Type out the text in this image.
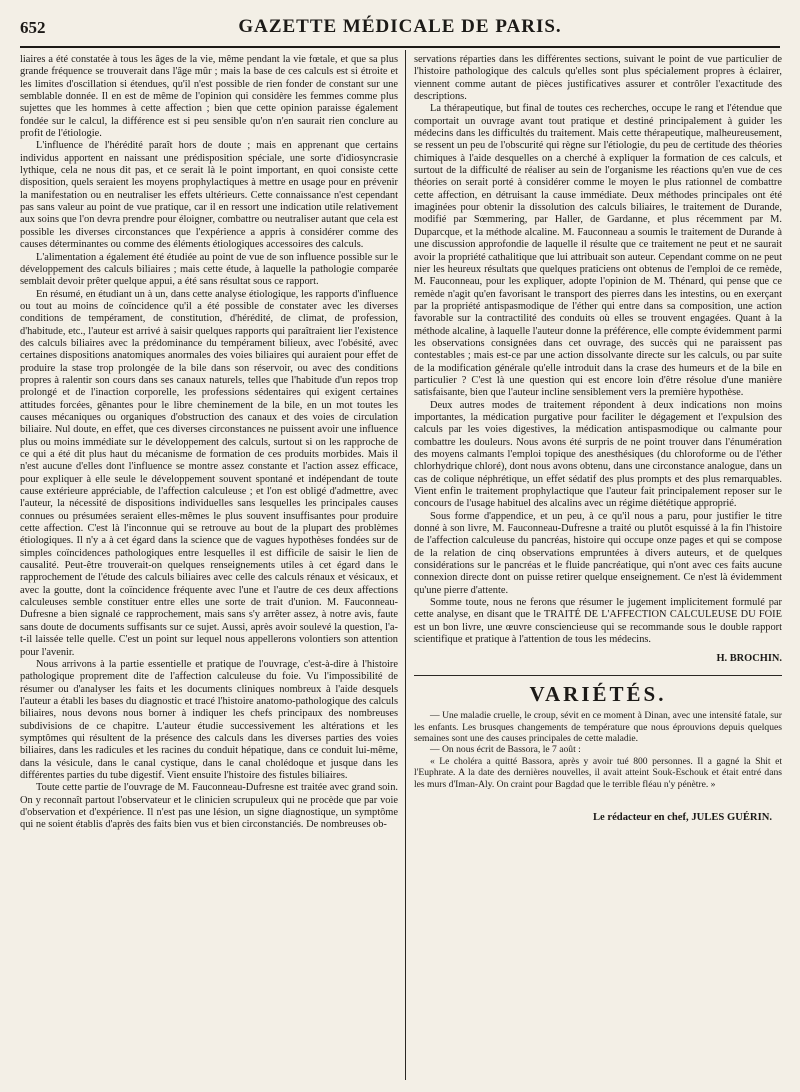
652	GAZETTE MÉDICALE DE PARIS.

liaires a été constatée à tous les âges de la vie, même pendant la vie fœtale, et que sa plus grande fréquence se trouverait dans l'âge mûr ; mais la base de ces calculs est si étroite et les limites d'oscillation si étendues, qu'il n'est possible de rien fonder de constant sur une semblable donnée. Il en est de même de l'opinion qui considère les femmes comme plus sujettes que les hommes à cette affection ; bien que cette opinion paraisse également fondée sur le calcul, la différence est si peu sensible qu'on n'en saurait rien conclure au profit de l'étiologie.

L'influence de l'hérédité paraît hors de doute ; mais en apprenant que certains individus apportent en naissant une prédisposition spéciale, une sorte d'idiosyncrasie lythique, cela ne nous dit pas, et ce serait là le point important, en quoi consiste cette disposition, quels seraient les moyens prophylactiques à mettre en usage pour en prévenir la manifestation ou en neutraliser les effets ultérieurs. Cette connaissance n'est cependant pas sans valeur au point de vue pratique, car il en ressort une indication utile relativement aux soins que l'on devra prendre pour éloigner, combattre ou neutraliser autant que cela est possible les diverses circonstances que l'expérience a appris à considérer comme des causes déterminantes ou comme des éléments étiologiques accessoires des calculs.

L'alimentation a également été étudiée au point de vue de son influence possible sur le développement des calculs biliaires ; mais cette étude, à laquelle la pathologie comparée semblait devoir prêter quelque appui, a été sans résultat sous ce rapport.

En résumé, en étudiant un à un, dans cette analyse étiologique, les rapports d'influence ou tout au moins de coïncidence qu'il a été possible de constater avec les diverses conditions de tempérament, de constitution, d'hérédité, de climat, de profession, d'habitude, etc., l'auteur est arrivé à saisir quelques rapports qui paraîtraient lier l'existence des calculs biliaires avec la prédominance du tempérament bilieux, avec l'obésité, avec certaines dispositions anatomiques anormales des voies biliaires qui auraient pour effet de produire la stase trop prolongée de la bile dans son réservoir, ou avec des conditions propres à ralentir son cours dans ses canaux naturels, telles que l'habitude d'un repos trop prolongé et de l'inaction corporelle, les professions sédentaires qui exigent certaines attitudes forcées, gênantes pour le libre cheminement de la bile, en un mot toutes les causes mécaniques ou organiques d'obstruction des canaux et des voies de circulation biliaire. Nul doute, en effet, que ces diverses circonstances ne puissent avoir une influence plus ou moins immédiate sur le développement des calculs, surtout si on les rapproche de ce qui a été dit plus haut du mécanisme de formation de ces produits morbides. Mais il n'est aucune d'elles dont l'influence se montre assez constante et l'action assez efficace, pour expliquer à elle seule le développement souvent spontané et indépendant de toute cause extérieure appréciable, de l'affection calculeuse ; et l'on est obligé d'admettre, avec l'auteur, la nécessité de dispositions individuelles sans lesquelles les principales causes connues ou présumées seraient elles-mêmes le plus souvent insuffisantes pour produire cette affection. C'est là l'inconnue qui se retrouve au bout de la plupart des problèmes étiologiques. Il n'y a à cet égard dans la science que de vagues hypothèses fondées sur de simples coïncidences pathologiques entre lesquelles il est difficile de saisir le lien de causalité. Peut-être trouverait-on quelques renseignements utiles à cet égard dans le rapprochement de l'étude des calculs biliaires avec celle des calculs rénaux et vésicaux, et avec la goutte, dont la coïncidence fréquente avec l'une et l'autre de ces deux affections calculeuses semble constituer entre elles une sorte de trait d'union. M. Fauconneau-Dufresne a bien signalé ce rapprochement, mais sans s'y arrêter assez, à notre avis, faute sans doute de documents suffisants sur ce sujet. Aussi, après avoir soulevé la question, l'a-t-il laissée telle quelle. C'est un point sur lequel nous appellerons volontiers son attention pour l'avenir.

Nous arrivons à la partie essentielle et pratique de l'ouvrage, c'est-à-dire à l'histoire pathologique proprement dite de l'affection calculeuse du foie. Vu l'impossibilité de résumer ou d'analyser les faits et les documents cliniques nombreux à l'aide desquels l'auteur a établi les bases du diagnostic et tracé l'histoire anatomo-pathologique des calculs biliaires, nous devons nous borner à indiquer les chefs principaux des nombreuses subdivisions de ce chapitre. L'auteur étudie successivement les altérations et les symptômes qui résultent de la présence des calculs dans les diverses parties des voies biliaires, dans les radicules et les racines du conduit hépatique, dans ce conduit lui-même, dans la vésicule, dans le canal cystique, dans le canal cholédoque et jusque dans les différentes parties du tube digestif. Vient ensuite l'histoire des fistules biliaires.

Toute cette partie de l'ouvrage de M. Fauconneau-Dufresne est traitée avec grand soin. On y reconnaît partout l'observateur et le clinicien scrupuleux qui ne procède que par voie d'observation et d'expérience. Il n'est pas une lésion, un signe diagnostique, un symptôme qui ne soient établis d'après des faits bien vus et bien circonstanciés. De nombreuses ob-

servations réparties dans les différentes sections, suivant le point de vue particulier de l'histoire pathologique des calculs qu'elles sont plus spécialement propres à éclairer, viennent comme autant de pièces justificatives assurer et contrôler l'exactitude des descriptions.

La thérapeutique, but final de toutes ces recherches, occupe le rang et l'étendue que comportait un ouvrage avant tout pratique et destiné principalement à guider les médecins dans les difficultés du traitement. Mais cette thérapeutique, malheureusement, se ressent un peu de l'obscurité qui règne sur l'étiologie, du peu de certitude des théories chimiques à l'aide desquelles on a cherché à expliquer la formation de ces calculs, et surtout de la difficulté de réaliser au sein de l'organisme les réactions qu'en vue de ces théories on serait porté à considérer comme le moyen le plus rationnel de combattre cette affection, en détruisant la cause immédiate. Deux méthodes principales ont été imaginées pour obtenir la dissolution des calculs biliaires, le traitement de Durande, modifié par Sœmmering, par Haller, de Gardanne, et plus récemment par M. Duparcque, et la méthode alcaline. M. Fauconneau a soumis le traitement de Durande à une discussion approfondie de laquelle il résulte que ce traitement ne peut et ne saurait avoir la propriété cathalitique que lui attribuait son auteur. Cependant comme on ne peut nier les heureux résultats que quelques praticiens ont obtenus de l'emploi de ce remède, M. Fauconneau, pour les expliquer, adopte l'opinion de M. Thénard, qui pense que ce remède n'agit qu'en favorisant le transport des pierres dans les intestins, ou en exerçant par la propriété antispasmodique de l'éther qui entre dans sa composition, une action favorable sur la contractilité des conduits où elles se trouvent engagées. Quant à la méthode alcaline, à laquelle l'auteur donne la préférence, elle compte évidemment parmi les observations consignées dans cet ouvrage, des succès qui ne paraissent pas contestables ; mais est-ce par une action dissolvante directe sur les calculs, ou par suite de la modification générale qu'elle introduit dans la crase des humeurs et de la bile en particulier ? C'est là une question qui est encore loin d'être résolue d'une manière satisfaisante, bien que l'auteur incline sensiblement vers la première hypothèse.

Deux autres modes de traitement répondent à deux indications non moins importantes, la médication purgative pour faciliter le dégagement et l'expulsion des calculs par les voies digestives, la médication antispasmodique ou calmante pour combattre les douleurs. Nous avons été surpris de ne point trouver dans l'énumération des moyens calmants l'emploi topique des anesthésiques (du chloroforme ou de l'éther chlorhydrique chloré), dont nous avons obtenu, dans une circonstance analogue, dans un cas de colique néphrétique, un effet sédatif des plus prompts et des plus remarquables. Vient enfin le traitement prophylactique que l'auteur fait principalement reposer sur le concours de l'usage habituel des alcalins avec un régime diététique approprié.

Sous forme d'appendice, et un peu, à ce qu'il nous a paru, pour justifier le titre donné à son livre, M. Fauconneau-Dufresne a traité ou plutôt esquissé à la fin l'histoire de l'affection calculeuse du pancréas, histoire qui occupe onze pages et qui se compose de la relation de cinq observations empruntées à divers auteurs, et de quelques considérations sur le pancréas et le fluide pancréatique, qui n'ont avec ces faits aucune connexion directe dont on puisse retirer quelque enseignement. Ce n'est là évidemment qu'une pierre d'attente.

Somme toute, nous ne ferons que résumer le jugement implicitement formulé par cette analyse, en disant que le TRAITÉ DE L'AFFECTION CALCULEUSE DU FOIE est un bon livre, une œuvre consciencieuse qui se recommande sous le double rapport scientifique et pratique à l'attention de tous les médecins.

H. BROCHIN.
VARIÉTÉS.

— Une maladie cruelle, le croup, sévit en ce moment à Dinan, avec une intensité fatale, sur les enfants. Les brusques changements de température que nous éprouvions depuis quelques semaines sont une des causes principales de cette maladie.

— On nous écrit de Bassora, le 7 août :

« Le choléra a quitté Bassora, après y avoir tué 800 personnes. Il a gagné la Shit et l'Euphrate. A la date des dernières nouvelles, il avait atteint Souk-Eschouk et était entré dans les murs d'Iman-Aly. On craint pour Bagdad que le terrible fléau n'y pénètre. »

Le rédacteur en chef, JULES GUÉRIN.
